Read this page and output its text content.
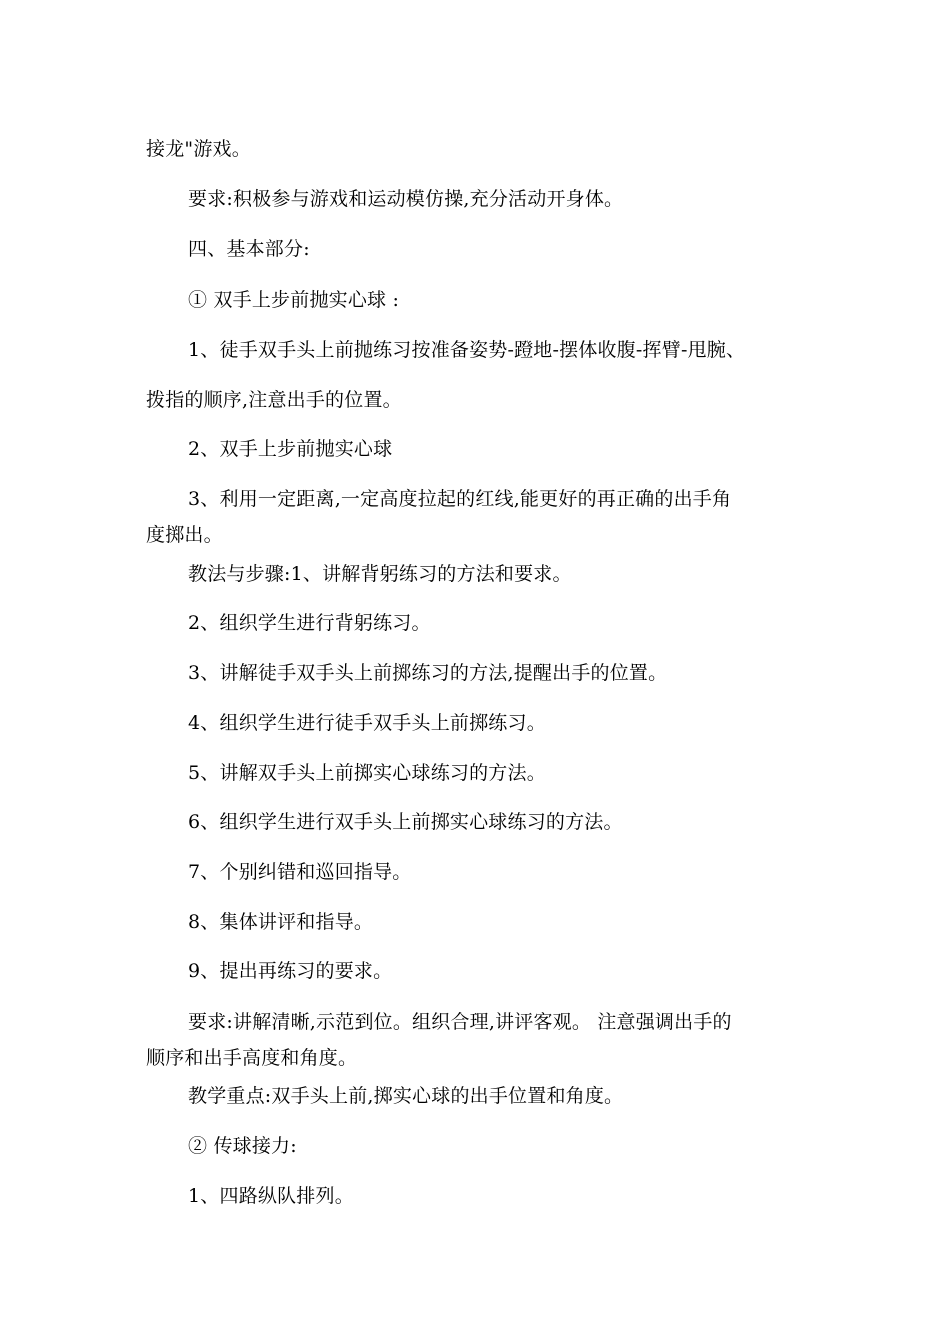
接龙"游戏。
要求:积极参与游戏和运动模仿操,充分活动开身体。
四、基本部分:
① 双手上步前抛实心球 :
1、徒手双手头上前抛练习按准备姿势-蹬地-摆体收腹-挥臂-甩腕、
拨指的顺序,注意出手的位置。
2、双手上步前抛实心球
3、利用一定距离,一定高度拉起的红线,能更好的再正确的出手角
度掷出。
教法与步骤:1、讲解背躬练习的方法和要求。
2、组织学生进行背躬练习。
3、讲解徒手双手头上前掷练习的方法,提醒出手的位置。
4、组织学生进行徒手双手头上前掷练习。
5、讲解双手头上前掷实心球练习的方法。
6、组织学生进行双手头上前掷实心球练习的方法。
7、个别纠错和巡回指导。
8、集体讲评和指导。
9、提出再练习的要求。
要求:讲解清晰,示范到位。组织合理,讲评客观。 注意强调出手的
顺序和出手高度和角度。
教学重点:双手头上前,掷实心球的出手位置和角度。
② 传球接力:
1、四路纵队排列。
